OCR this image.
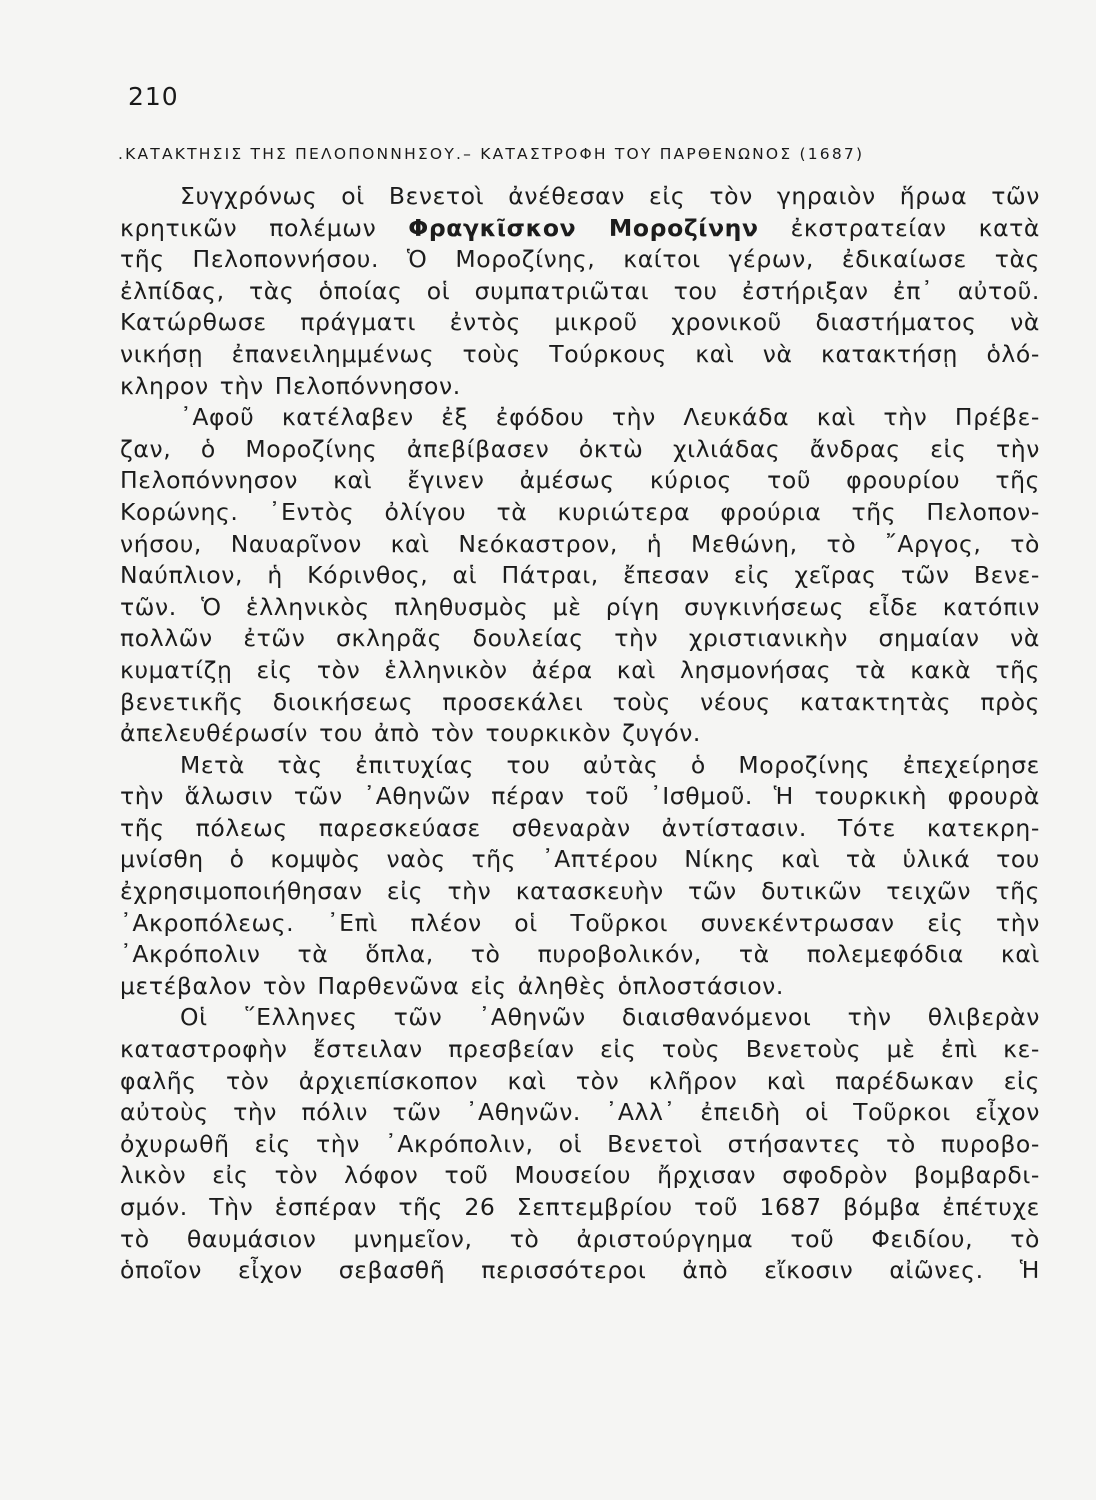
210
.ΚΑΤΑΚΤΗΣΙΣ ΤΗΣ ΠΕΛΟΠΟΝΝΗΣΟΥ.– ΚΑΤΑΣΤΡΟΦΗ ΤΟΥ ΠΑΡΘΕΝΩΝΟΣ (1687)
Συγχρόνως οἱ Βενετοὶ ἀνέθεσαν εἰς τὸν γηραιὸν ἥρωα τῶν
κρητικῶν πολέμων Φραγκῖσκον Μοροζίνην ἐκστρατείαν κατὰ
τῆς Πελοποννήσου. Ὁ Μοροζίνης, καίτοι γέρων, ἐδικαίωσε τὰς
ἐλπίδας, τὰς ὁποίας οἱ συμπατριῶται του ἐστήριξαν ἐπ᾽ αὐτοῦ.
Κατώρθωσε πράγματι ἐντὸς μικροῦ χρονικοῦ διαστήματος νὰ
νικήσῃ ἐπανειλημμένως τοὺς Τούρκους καὶ νὰ κατακτήσῃ ὁλό-
κληρον τὴν Πελοπόννησον.
᾽Αφοῦ κατέλαβεν ἐξ ἐφόδου τὴν Λευκάδα καὶ τὴν Πρέβε-
ζαν, ὁ Μοροζίνης ἀπεβίβασεν ὀκτὼ χιλιάδας ἄνδρας εἰς τὴν
Πελοπόννησον καὶ ἔγινεν ἀμέσως κύριος τοῦ φρουρίου τῆς
Κορώνης. ᾽Εντὸς ὀλίγου τὰ κυριώτερα φρούρια τῆς Πελοπον-
νήσου, Ναυαρῖνον καὶ Νεόκαστρον, ἡ Μεθώνη, τὸ ῎Αργος, τὸ
Ναύπλιον, ἡ Κόρινθος, αἱ Πάτραι, ἔπεσαν εἰς χεῖρας τῶν Βενε-
τῶν. Ὁ ἑλληνικὸς πληθυσμὸς μὲ ρίγη συγκινήσεως εἶδε κατόπιν
πολλῶν ἐτῶν σκληρᾶς δουλείας τὴν χριστιανικὴν σημαίαν νὰ
κυματίζῃ εἰς τὸν ἑλληνικὸν ἀέρα καὶ λησμονήσας τὰ κακὰ τῆς
βενετικῆς διοικήσεως προσεκάλει τοὺς νέους κατακτητὰς πρὸς
ἀπελευθέρωσίν του ἀπὸ τὸν τουρκικὸν ζυγόν.
Μετὰ τὰς ἐπιτυχίας του αὐτὰς ὁ Μοροζίνης ἐπεχείρησε
τὴν ἅλωσιν τῶν ᾽Αθηνῶν πέραν τοῦ ᾽Ισθμοῦ. Ἡ τουρκικὴ φρουρὰ
τῆς πόλεως παρεσκεύασε σθεναρὰν ἀντίστασιν. Τότε κατεκρη-
μνίσθη ὁ κομψὸς ναὸς τῆς ᾽Απτέρου Νίκης καὶ τὰ ὑλικά του
ἐχρησιμοποιήθησαν εἰς τὴν κατασκευὴν τῶν δυτικῶν τειχῶν τῆς
᾽Ακροπόλεως. ᾽Επὶ πλέον οἱ Τοῦρκοι συνεκέντρωσαν εἰς τὴν
᾽Ακρόπολιν τὰ ὅπλα, τὸ πυροβολικόν, τὰ πολεμεφόδια καὶ
μετέβαλον τὸν Παρθενῶνα εἰς ἀληθὲς ὁπλοστάσιον.
Οἱ ῞Ελληνες τῶν ᾽Αθηνῶν διαισθανόμενοι τὴν θλιβερὰν
καταστροφὴν ἔστειλαν πρεσβείαν εἰς τοὺς Βενετοὺς μὲ ἐπὶ κε-
φαλῆς τὸν ἀρχιεπίσκοπον καὶ τὸν κλῆρον καὶ παρέδωκαν εἰς
αὐτοὺς τὴν πόλιν τῶν ᾽Αθηνῶν. ᾽Αλλ᾽ ἐπειδὴ οἱ Τοῦρκοι εἶχον
ὀχυρωθῆ εἰς τὴν ᾽Ακρόπολιν, οἱ Βενετοὶ στήσαντες τὸ πυροβο-
λικὸν εἰς τὸν λόφον τοῦ Μουσείου ἤρχισαν σφοδρὸν βομβαρδι-
σμόν. Τὴν ἑσπέραν τῆς 26 Σεπτεμβρίου τοῦ 1687 βόμβα ἐπέτυχε
τὸ θαυμάσιον μνημεῖον, τὸ ἀριστούργημα τοῦ Φειδίου, τὸ
ὁποῖον εἶχον σεβασθῆ περισσότεροι ἀπὸ εἴκοσιν αἰῶνες. Ἡ
